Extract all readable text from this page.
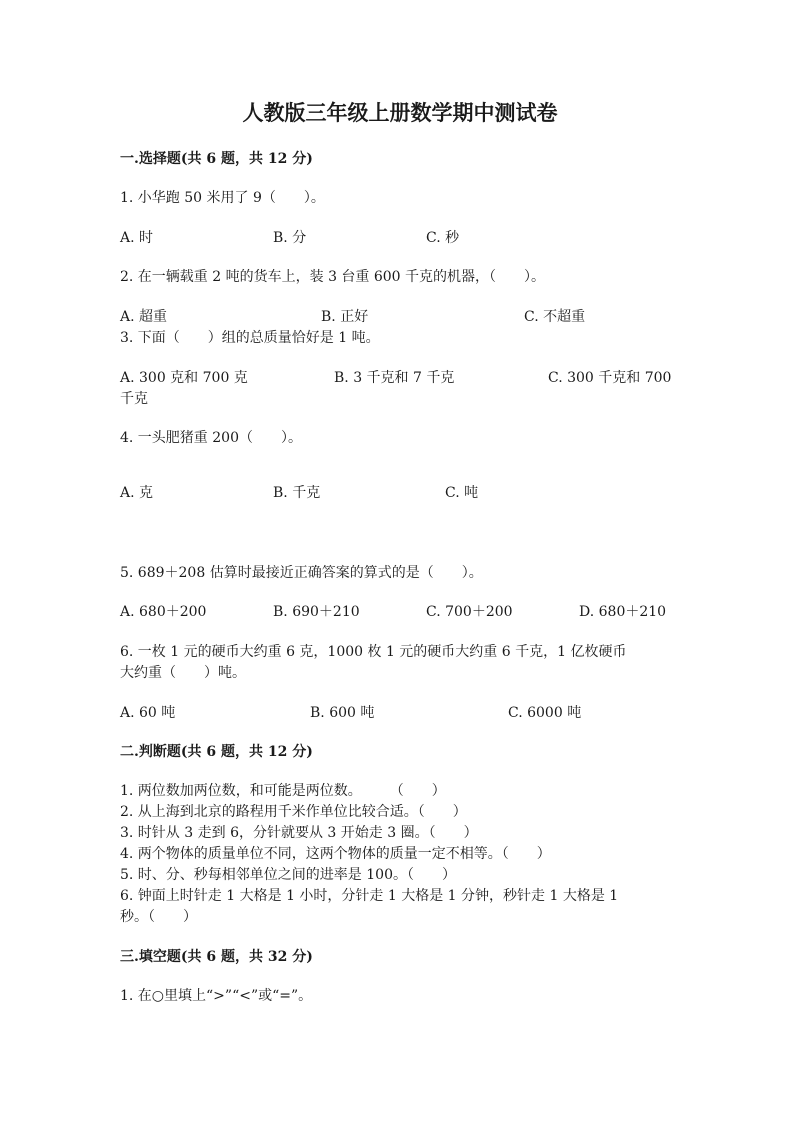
人教版三年级上册数学期中测试卷
一.选择题(共 6 题，共 12 分)
1. 小华跑 50 米用了 9（　　）。
A. 时	B. 分	C. 秒
2. 在一辆载重 2 吨的货车上，装 3 台重 600 千克的机器，（　　）。
A. 超重	B. 正好	C. 不超重
3. 下面（　　）组的总质量恰好是 1 吨。
A. 300 克和 700 克	B. 3 千克和 7 千克	C. 300 千克和 700
千克
4. 一头肥猪重 200（　　）。
A. 克	B. 千克	C. 吨
5. 689＋208 估算时最接近正确答案的算式的是（　　）。
A. 680＋200	B. 690＋210	C. 700＋200	D. 680＋210
6. 一枚 1 元的硬币大约重 6 克，1000 枚 1 元的硬币大约重 6 千克，1 亿枚硬币
大约重（　　）吨。
A. 60 吨	B. 600 吨	C. 6000 吨
二.判断题(共 6 题，共 12 分)
1. 两位数加两位数，和可能是两位数。　　　（　　）
2. 从上海到北京的路程用千米作单位比较合适。（　　）
3. 时针从 3 走到 6，分针就要从 3 开始走 3 圈。（　　）
4. 两个物体的质量单位不同，这两个物体的质量一定不相等。（　　）
5. 时、分、秒每相邻单位之间的进率是 100。（　　）
6. 钟面上时针走 1 大格是 1 小时，分针走 1 大格是 1 分钟，秒针走 1 大格是 1
秒。（　　）
三.填空题(共 6 题，共 32 分)
1. 在○里填上“>”“<”或“=”。
